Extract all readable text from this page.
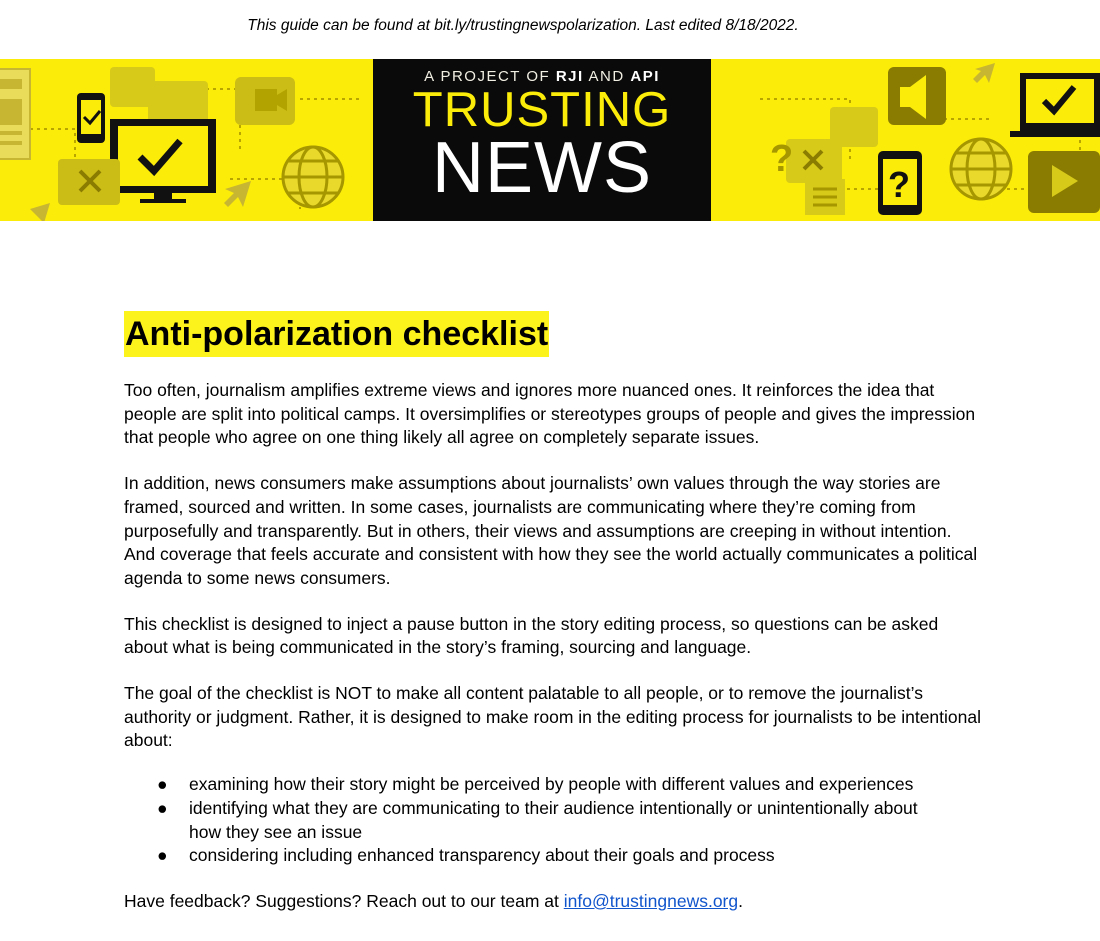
This guide can be found at bit.ly/trustingnewspolarization. Last edited 8/18/2022.
?
?
A PROJECT OF RJI AND API
TRUSTING
NEWS
Anti-polarization checklist

Too often, journalism amplifies extreme views and ignores more nuanced ones. It reinforces the idea that people are split into political camps. It oversimplifies or stereotypes groups of people and gives the impression that people who agree on one thing likely all agree on completely separate issues.

In addition, news consumers make assumptions about journalists’ own values through the way stories are framed, sourced and written. In some cases, journalists are communicating where they’re coming from purposefully and transparently. But in others, their views and assumptions are creeping in without intention. And coverage that feels accurate and consistent with how they see the world actually communicates a political agenda to some news consumers.

This checklist is designed to inject a pause button in the story editing process, so questions can be asked about what is being communicated in the story’s framing, sourcing and language.

The goal of the checklist is NOT to make all content palatable to all people, or to remove the journalist’s authority or judgment. Rather, it is designed to make room in the editing process for journalists to be intentional about:

● examining how their story might be perceived by people with different values and experiences
● identifying what they are communicating to their audience intentionally or unintentionally about how they see an issue
● considering including enhanced transparency about their goals and process

Have feedback? Suggestions? Reach out to our team at info@trustingnews.org.
